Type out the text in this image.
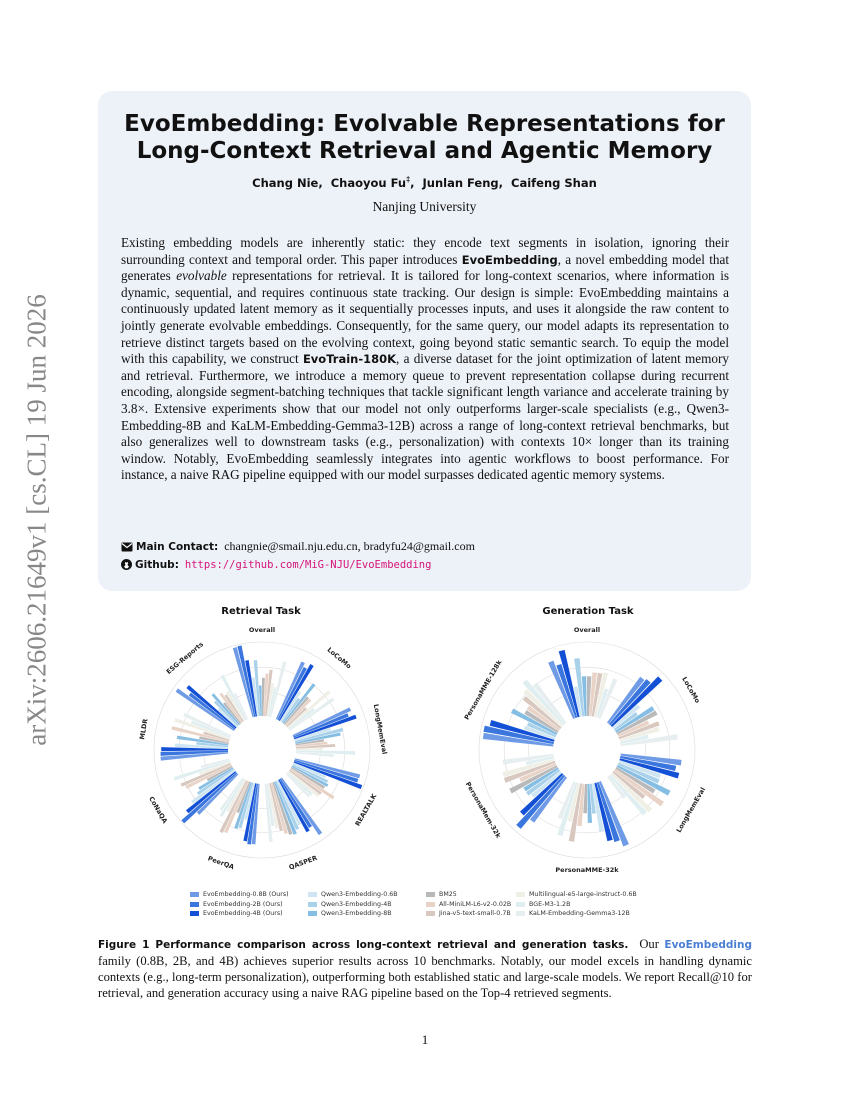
arXiv:2606.21649v1 [cs.CL] 19 Jun 2026
EvoEmbedding: Evolvable Representations for
Long-Context Retrieval and Agentic Memory
Chang Nie,  Chaoyou Fu‡,  Junlan Feng,  Caifeng Shan
Nanjing University
Existing embedding models are inherently static: they encode text segments in isolation, ignoring their surrounding context and temporal order. This paper introduces EvoEmbedding, a novel embedding model that generates evolvable representations for retrieval. It is tailored for long-context scenarios, where information is dynamic, sequential, and requires continuous state tracking. Our design is simple: EvoEmbedding maintains a continuously updated latent memory as it sequentially processes inputs, and uses it alongside the raw content to jointly generate evolvable embeddings. Consequently, for the same query, our model adapts its representation to retrieve distinct targets based on the evolving context, going beyond static semantic search. To equip the model with this capability, we construct EvoTrain-180K, a diverse dataset for the joint optimization of latent memory and retrieval. Furthermore, we introduce a memory queue to prevent representation collapse during recurrent encoding, alongside segment-batching techniques that tackle significant length variance and accelerate training by 3.8×. Extensive experiments show that our model not only outperforms larger-scale specialists (e.g., Qwen3-Embedding-8B and KaLM-Embedding-Gemma3-12B) across a range of long-context retrieval benchmarks, but also generalizes well to downstream tasks (e.g., personalization) with contexts 10× longer than its training window. Notably, EvoEmbedding seamlessly integrates into agentic workflows to boost performance. For instance, a naive RAG pipeline equipped with our model surpasses dedicated agentic memory systems.
Main Contact: changnie@smail.nju.edu.cn, bradyfu24@gmail.com
Github: https://github.com/MiG-NJU/EvoEmbedding
Retrieval Task	Generation Task
Overall
LoCoMo
LongMemEval
REALTALK
QASPER
PeerQA
CoNaQA
MLDR
ESG-Reports
Overall
LoCoMo
LongMemEval
PersonaMME-32k
PersonaMem-32k
PersonaMME-128k
EvoEmbedding-0.8B (Ours)
EvoEmbedding-2B (Ours)
EvoEmbedding-4B (Ours)
Qwen3-Embedding-0.6B
Qwen3-Embedding-4B
Qwen3-Embedding-8B
BM25
All-MiniLM-L6-v2-0.02B
Jina-v5-text-small-0.7B
Multilingual-e5-large-instruct-0.6B
BGE-M3-1.2B
KaLM-Embedding-Gemma3-12B
Figure 1 Performance comparison across long-context retrieval and generation tasks. Our EvoEmbedding family (0.8B, 2B, and 4B) achieves superior results across 10 benchmarks. Notably, our model excels in handling dynamic contexts (e.g., long-term personalization), outperforming both established static and large-scale models. We report Recall@10 for retrieval, and generation accuracy using a naive RAG pipeline based on the Top-4 retrieved segments.
1
